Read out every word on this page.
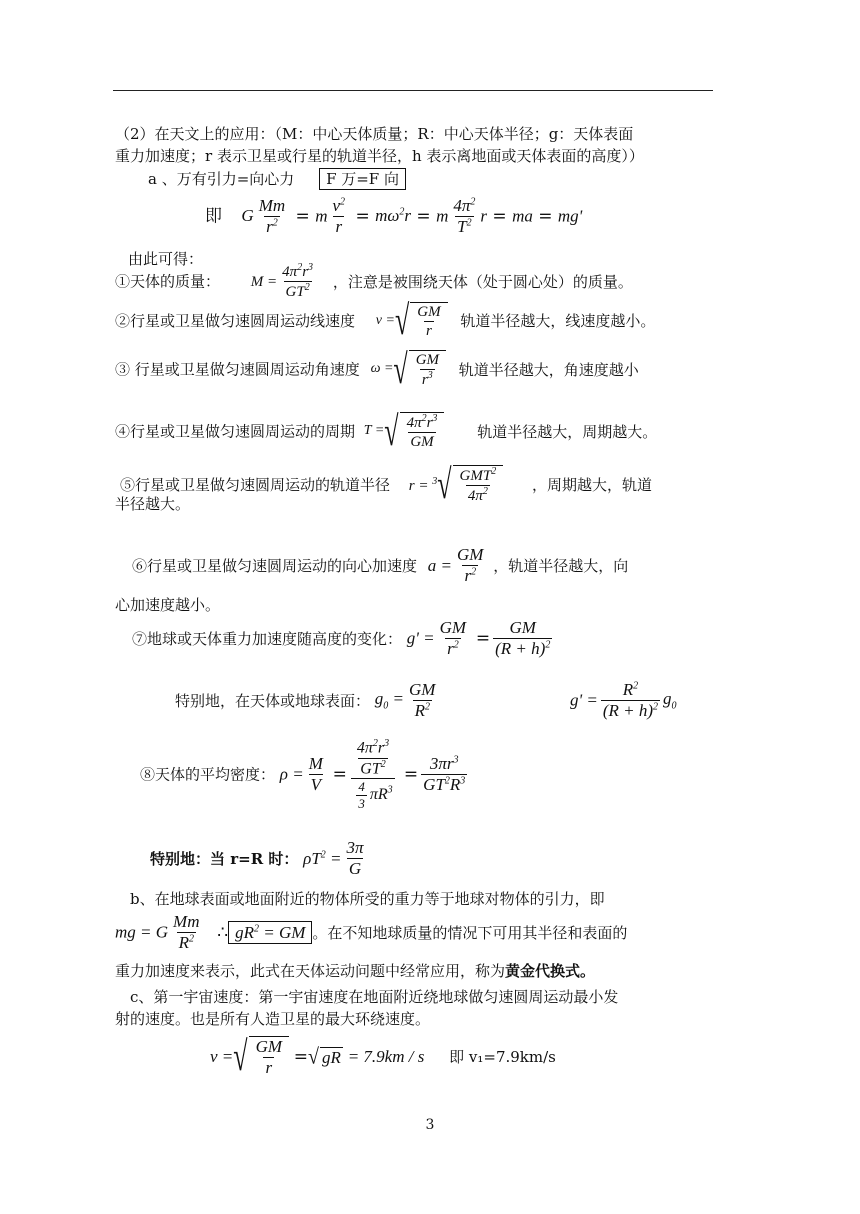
（2）在天文上的应用：（M：中心天体质量；R：中心天体半径；g：天体表面
重力加速度；r 表示卫星或行星的轨道半径，h 表示离地面或天体表面的高度））
a 、万有引力=向心力 F 万=F 向
即 G $\frac{Mm}{r^2} = m \frac{v^2}{r} = m\omega^2r = m \frac{4\pi^2}{T^2}$ r = ma = mg'
由此可得：
①天体的质量： $M = \frac{4\pi^2r^3}{GT^2}$ ，注意是被围绕天体（处于圆心处）的质量。
②行星或卫星做匀速圆周运动线速度 v = √ $\frac{GM}{r}$ 轨道半径越大，线速度越小。
③ 行星或卫星做匀速圆周运动角速度 ω = √ $\frac{GM}{r^3}$ 轨道半径越大，角速度越小
④行星或卫星做匀速圆周运动的周期 T = √ $\frac{4\pi^2r^3}{GM}$	轨道半径越大，周期越大。
⑤行星或卫星做匀速圆周运动的轨道半径 r = $^3$ √ $\frac{GMT^2}{4\pi^2}$ ，周期越大，轨道
半径越大。
⑥行星或卫星做匀速圆周运动的向心加速度 $a = \frac{GM}{r^2}$ ，轨道半径越大，向
心加速度越小。
⑦地球或天体重力加速度随高度的变化： $g' = \frac{GM}{r^2} = \frac{GM}{(R + h)^2}$
特别地，在天体或地球表面： $g_0 = \frac{GM}{R^2}$	$g' = \frac{R^2}{(R + h)^2} g_0$
⑧天体的平均密度： $\rho = \frac{M}{V} = \frac{\frac{4\pi^2r^3}{GT^2}}{\frac{4}{3} \pi R^3} = \frac{3\pi r^3}{GT^2R^3}$
特别地：当 r=R 时： $\rho T^2 = \frac{3\pi}{G}$
b、在地球表面或地面附近的物体所受的重力等于地球对物体的引力，即
mg = G $\frac{Mm}{R^2}$ ∴ $gR^2$ = GM 。在不知地球质量的情况下可用其半径和表面的
重力加速度来表示，此式在天体运动问题中经常应用，称为黄金代换式。
c、第一宇宙速度：第一宇宙速度在地面附近绕地球做匀速圆周运动最小发
射的速度。也是所有人造卫星的最大环绕速度。
v = √ $\frac{GM}{r}$ = √ gR = 7.9km / s 即 v₁=7.9km/s
3
